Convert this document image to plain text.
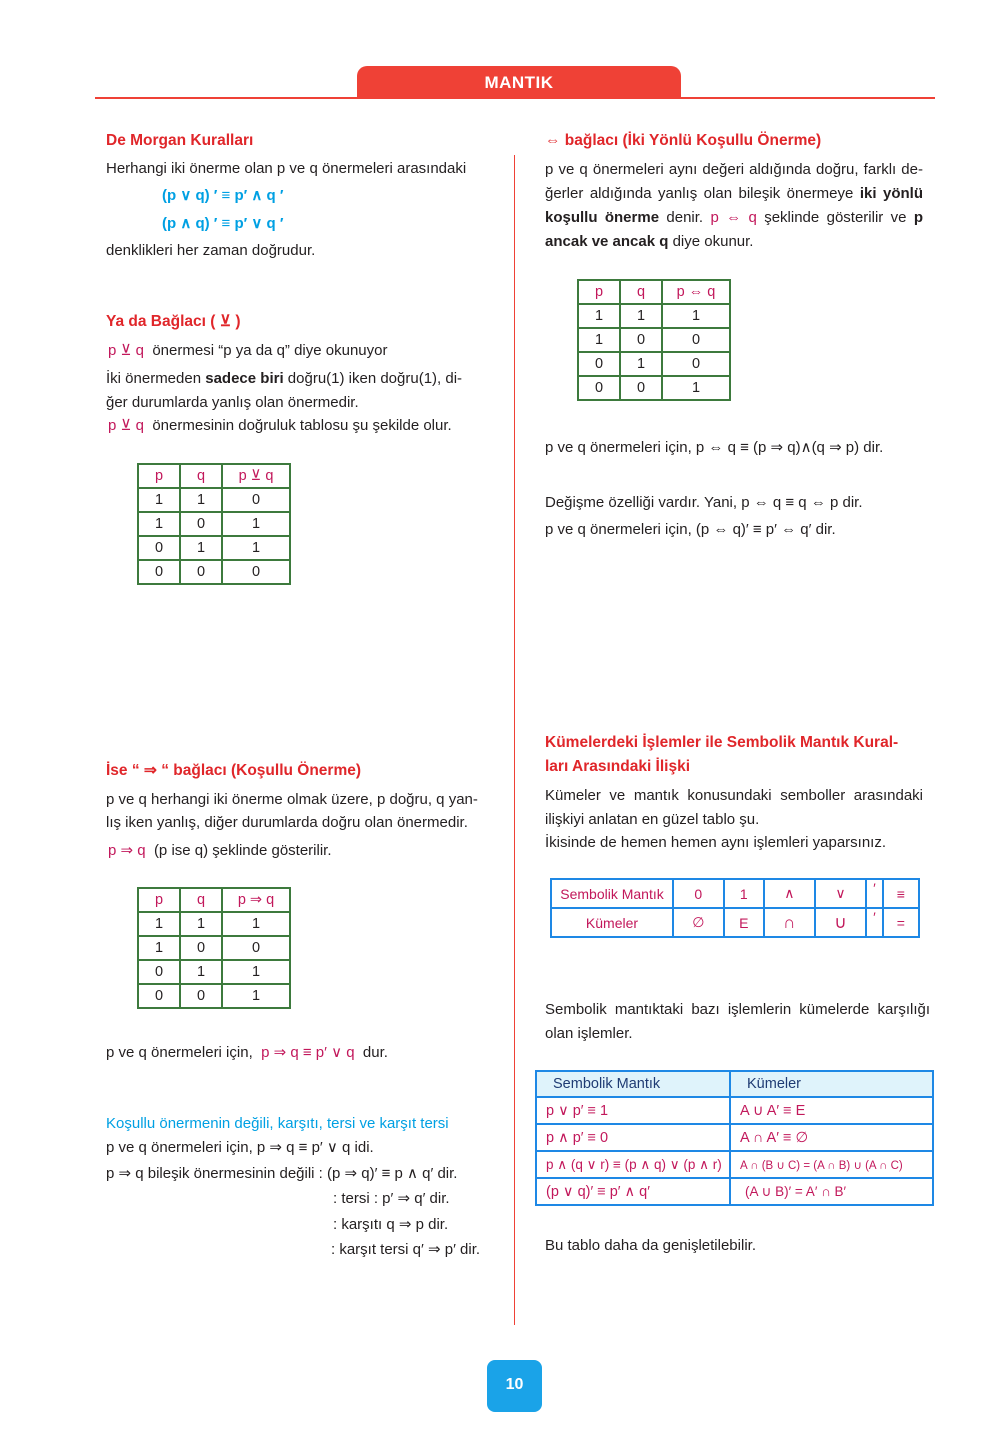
MANTIK
De Morgan Kuralları
Herhangi iki önerme olan p ve q önermeleri arasındaki
(p ∨ q) ′ ≡ p′ ∧ q ′
(p ∧ q) ′ ≡ p′ ∨ q ′
denklikleri her zaman doğrudur.
Ya da Bağlacı ( ⊻ )
p ⊻ q önermesi “p ya da q” diye okunuyor
İki önermeden sadece biri doğru(1) iken doğru(1), di-
ğer durumlarda yanlış olan önermedir.
p ⊻ q önermesinin doğruluk tablosu şu şekilde olur.
p	q	p ⊻ q
1	1	0
1	0	1
0	1	1
0	0	0
İse “ ⇒ “ bağlacı (Koşullu Önerme)
p ve q herhangi iki önerme olmak üzere, p doğru, q yan-
lış iken yanlış, diğer durumlarda doğru olan önermedir.
p ⇒ q (p ise q) şeklinde gösterilir.
p	q	p ⇒ q
1	1	1
1	0	0
0	1	1
0	0	1
p ve q önermeleri için, p ⇒ q ≡ p′ ∨ q dur.
Koşullu önermenin değili, karşıtı, tersi ve karşıt tersi
p ve q önermeleri için, p ⇒ q ≡ p′ ∨ q idi.
p ⇒ q bileşik önermesinin değili : (p ⇒ q)′ ≡ p ∧ q′ dir.
: tersi : p′ ⇒ q′ dir.
: karşıtı q ⇒ p dir.
: karşıt tersi q′ ⇒ p′ dir.
⇔ bağlacı (İki Yönlü Koşullu Önerme)
p ve q önermeleri aynı değeri aldığında doğru, farklı de-ğerler aldığında yanlış olan bileşik önermeye iki yönlü koşullu önerme denir. p ⇔ q şeklinde gösterilir ve p ancak ve ancak q diye okunur.
p	q	p ⇔ q
1	1	1
1	0	0
0	1	0
0	0	1
p ve q önermeleri için, p ⇔ q ≡ (p ⇒ q)∧(q ⇒ p) dir.
Değişme özelliği vardır. Yani, p ⇔ q ≡ q ⇔ p dir.
p ve q önermeleri için, (p ⇔ q)′ ≡ p′ ⇔ q′ dir.
Kümelerdeki İşlemler ile Sembolik Mantık Kural-
ları Arasındaki İlişki
Kümeler ve mantık konusundaki semboller arasındaki ilişkiyi anlatan en güzel tablo şu.
İkisinde de hemen hemen aynı işlemleri yaparsınız.
Sembolik Mantık	0	1	∧	∨	′	≡
Kümeler	∅	E	∩	∪	′	=
Sembolik mantıktaki bazı işlemlerin kümelerde karşılığı olan işlemler.
Sembolik Mantık	Kümeler
p ∨ p′ ≡ 1	A ∪ A′ ≡ E
p ∧ p′ ≡ 0	A ∩ A′ ≡ ∅
p ∧ (q ∨ r) ≡ (p ∧ q) ∨ (p ∧ r)	A ∩ (B ∪ C) = (A ∩ B) ∪ (A ∩ C)
(p ∨ q)′ ≡ p′ ∧ q′	(A ∪ B)′ = A′ ∩ B′
Bu tablo daha da genişletilebilir.
10
